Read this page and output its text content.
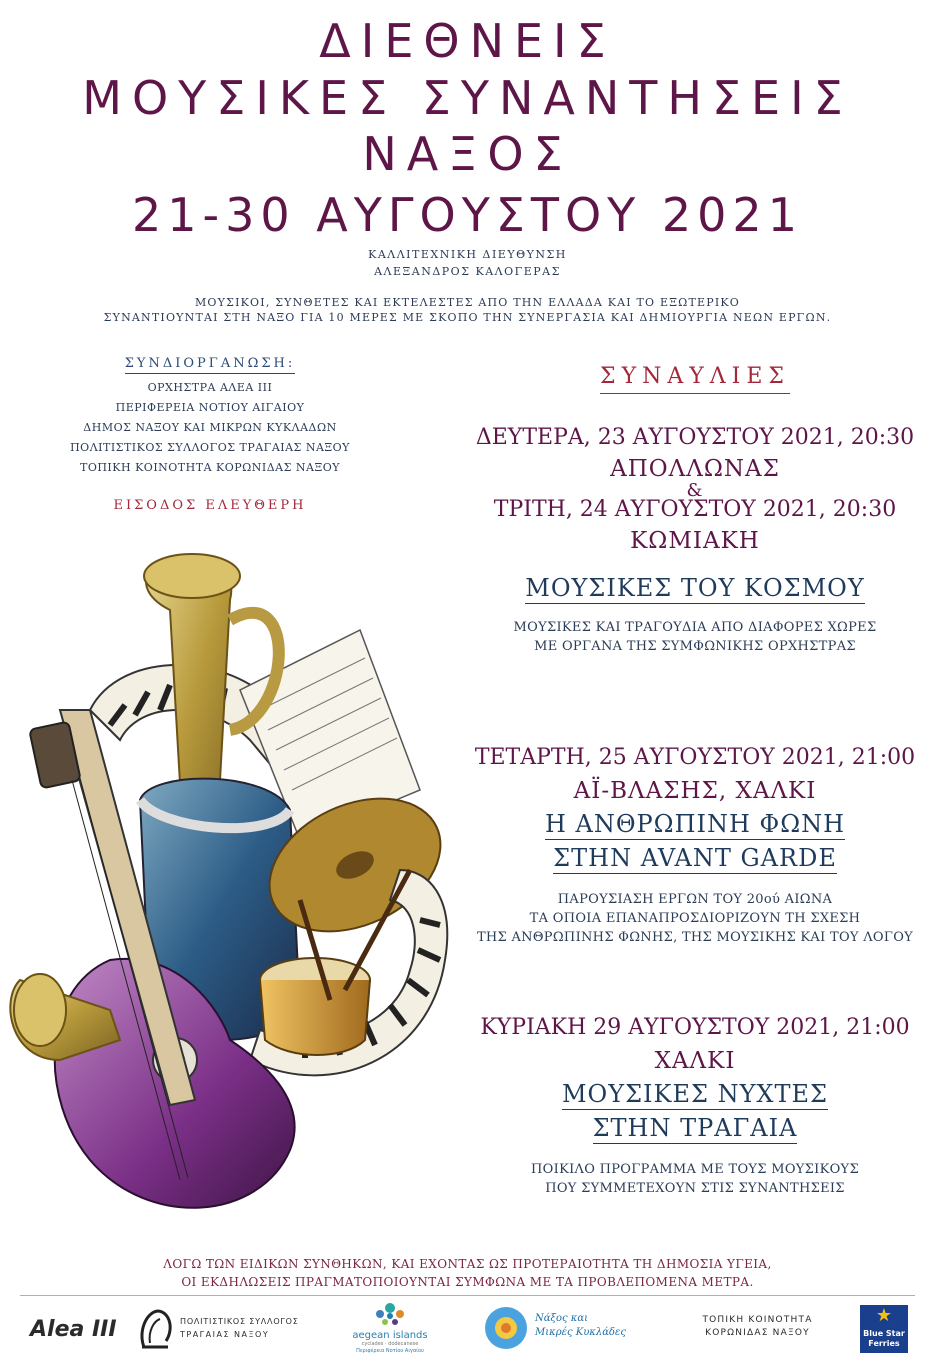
ΔΙΕΘΝΕΙΣ
ΜΟΥΣΙΚΕΣ ΣΥΝΑΝΤΗΣΕΙΣ
ΝΑΞΟΣ
21-30 ΑΥΓΟΥΣΤΟΥ 2021
ΚΑΛΛΙΤΕΧΝΙΚΗ ΔΙΕΥΘΥΝΣΗ
ΑΛΕΞΑΝΔΡΟΣ ΚΑΛΟΓΕΡΑΣ
ΜΟΥΣΙΚΟΙ, ΣΥΝΘΕΤΕΣ ΚΑΙ ΕΚΤΕΛΕΣΤΕΣ ΑΠΟ ΤΗΝ ΕΛΛΑΔΑ ΚΑΙ ΤΟ ΕΞΩΤΕΡΙΚΟ
ΣΥΝΑΝΤΙΟΥΝΤΑΙ ΣΤΗ ΝΑΞΟ ΓΙΑ 10 ΜΕΡΕΣ ΜΕ ΣΚΟΠΟ ΤΗΝ ΣΥΝΕΡΓΑΣΙΑ ΚΑΙ ΔΗΜΙΟΥΡΓΙΑ ΝΕΩΝ ΕΡΓΩΝ.
ΣΥΝΔΙΟΡΓΑΝΩΣΗ:
ΟΡΧΗΣΤΡΑ ΑΛΕΑ III
ΠΕΡΙΦΕΡΕΙΑ ΝΟΤΙΟΥ ΑΙΓΑΙΟΥ
ΔΗΜΟΣ ΝΑΞΟΥ ΚΑΙ ΜΙΚΡΩΝ ΚΥΚΛΑΔΩΝ
ΠΟΛΙΤΙΣΤΙΚΟΣ ΣΥΛΛΟΓΟΣ ΤΡΑΓΑΙΑΣ ΝΑΞΟΥ
ΤΟΠΙΚΗ ΚΟΙΝΟΤΗΤΑ ΚΟΡΩΝΙΔΑΣ ΝΑΞΟΥ
ΕΙΣΟΔΟΣ ΕΛΕΥΘΕΡΗ
ΣΥΝΑΥΛΙΕΣ
ΔΕΥΤΕΡΑ, 23 ΑΥΓΟΥΣΤΟΥ 2021, 20:30
ΑΠΟΛΛΩΝΑΣ
&
ΤΡΙΤΗ, 24 ΑΥΓΟΥΣΤΟΥ 2021, 20:30
ΚΩΜΙΑΚΗ
ΜΟΥΣΙΚΕΣ ΤΟΥ ΚΟΣΜΟΥ
ΜΟΥΣΙΚΕΣ ΚΑΙ ΤΡΑΓΟΥΔΙΑ ΑΠΟ ΔΙΑΦΟΡΕΣ ΧΩΡΕΣ
ΜΕ ΟΡΓΑΝΑ ΤΗΣ ΣΥΜΦΩΝΙΚΗΣ ΟΡΧΗΣΤΡΑΣ
ΤΕΤΑΡΤΗ, 25 ΑΥΓΟΥΣΤΟΥ 2021, 21:00
ΑΪ-ΒΛΑΣΗΣ, ΧΑΛΚΙ
Η ΑΝΘΡΩΠΙΝΗ ΦΩΝΗ
ΣΤΗΝ AVANT GARDE
ΠΑΡΟΥΣΙΑΣΗ ΕΡΓΩΝ ΤΟΥ 20ού ΑΙΩΝΑ
ΤΑ ΟΠΟΙΑ ΕΠΑΝΑΠΡΟΣΔΙΟΡΙΖΟΥΝ ΤΗ ΣΧΕΣΗ
ΤΗΣ ΑΝΘΡΩΠΙΝΗΣ ΦΩΝΗΣ, ΤΗΣ ΜΟΥΣΙΚΗΣ ΚΑΙ ΤΟΥ ΛΟΓΟΥ
ΚΥΡΙΑΚΗ 29 ΑΥΓΟΥΣΤΟΥ 2021, 21:00
ΧΑΛΚΙ
ΜΟΥΣΙΚΕΣ ΝΥΧΤΕΣ
ΣΤΗΝ ΤΡΑΓΑΙΑ
ΠΟΙΚΙΛΟ ΠΡΟΓΡΑΜΜΑ ΜΕ ΤΟΥΣ ΜΟΥΣΙΚΟΥΣ
ΠΟΥ ΣΥΜΜΕΤΕΧΟΥΝ ΣΤΙΣ ΣΥΝΑΝΤΗΣΕΙΣ
ΛΟΓΩ ΤΩΝ ΕΙΔΙΚΩΝ ΣΥΝΘΗΚΩΝ, ΚΑΙ ΕΧΟΝΤΑΣ ΩΣ ΠΡΟΤΕΡΑΙΟΤΗΤΑ ΤΗ ΔΗΜΟΣΙΑ ΥΓΕΙΑ,
ΟΙ ΕΚΔΗΛΩΣΕΙΣ ΠΡΑΓΜΑΤΟΠΟΙΟΥΝΤΑΙ ΣΥΜΦΩΝΑ ΜΕ ΤΑ ΠΡΟΒΛΕΠΟΜΕΝΑ ΜΕΤΡΑ.
Alea III	ΠΟΛΙΤΙΣΤΙΚΟΣ ΣΥΛΛΟΓΟΣ
ΤΡΑΓΑΙΑΣ ΝΑΞΟΥ	aegean islands
cyclades · dodecanese
Περιφέρεια Νοτίου Αιγαίου
Νάξος και
Μικρές Κυκλάδες
ΤΟΠΙΚΗ ΚΟΙΝΟΤΗΤΑ
ΚΟΡΩΝΙΔΑΣ ΝΑΞΟΥ
★
Blue Star
Ferries
